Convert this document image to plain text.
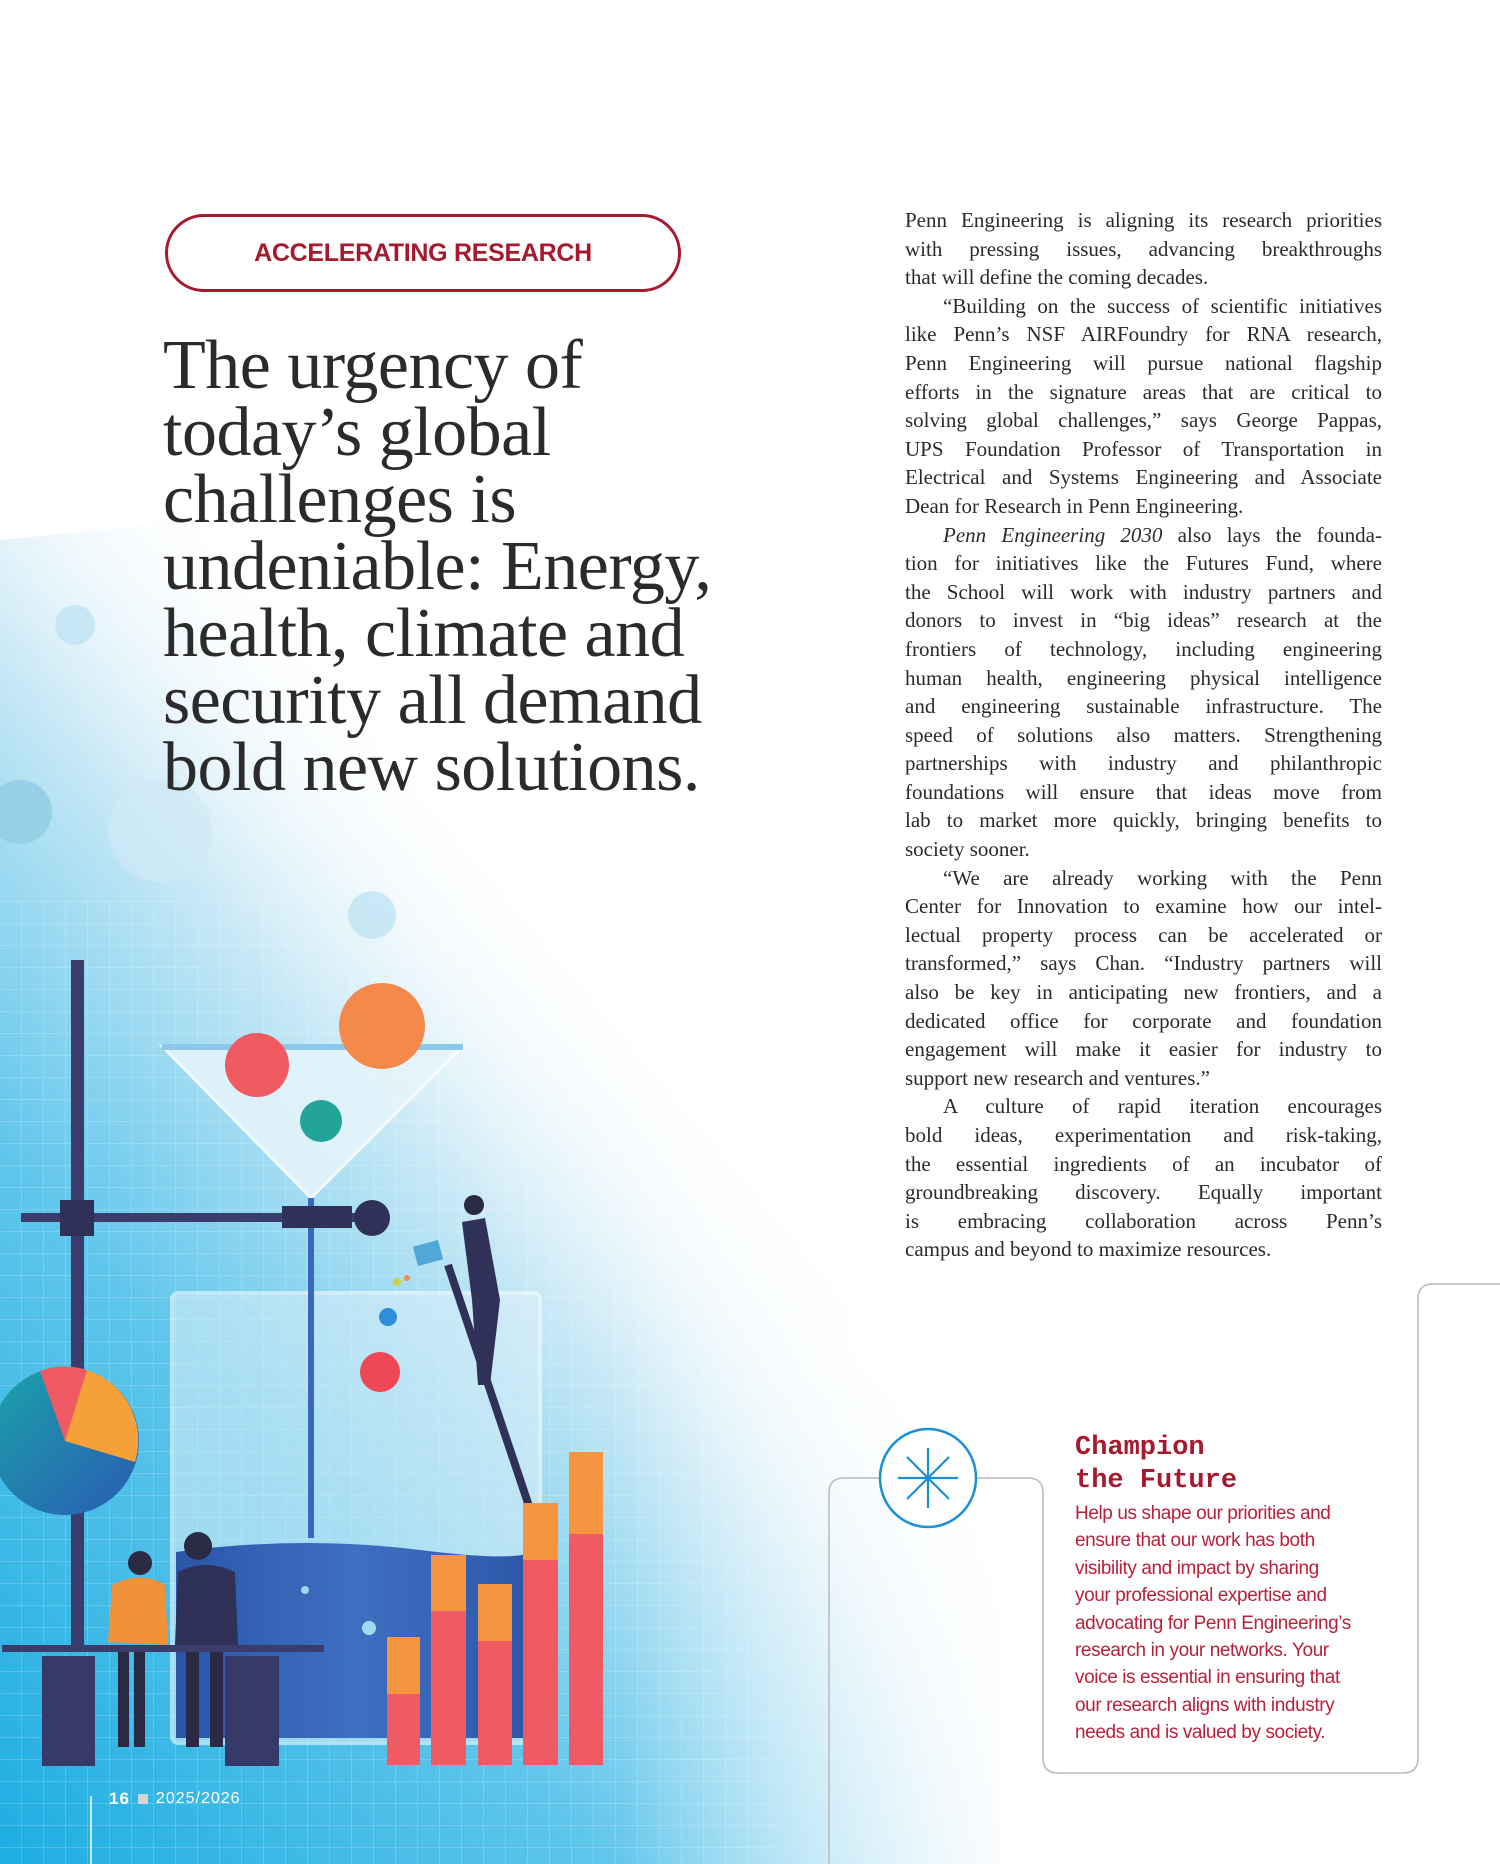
ACCELERATING RESEARCH
The urgency of
today’s global
challenges is
undeniable: Energy,
health, climate and
security all demand
bold new solutions.
Penn Engineering is aligning its research priorities
with pressing issues, advancing breakthroughs
that will define the coming decades.
“Building on the success of scientific initiatives
like Penn’s NSF AIRFoundry for RNA research,
Penn Engineering will pursue national flagship
efforts in the signature areas that are critical to
solving global challenges,” says George Pappas,
UPS Foundation Professor of Transportation in
Electrical and Systems Engineering and Associate
Dean for Research in Penn Engineering.
Penn Engineering 2030 also lays the founda-
tion for initiatives like the Futures Fund, where
the School will work with industry partners and
donors to invest in “big ideas” research at the
frontiers of technology, including engineering
human health, engineering physical intelligence
and engineering sustainable infrastructure. The
speed of solutions also matters. Strengthening
partnerships with industry and philanthropic
foundations will ensure that ideas move from
lab to market more quickly, bringing benefits to
society sooner.
“We are already working with the Penn
Center for Innovation to examine how our intel-
lectual property process can be accelerated or
transformed,” says Chan. “Industry partners will
also be key in anticipating new frontiers, and a
dedicated office for corporate and foundation
engagement will make it easier for industry to
support new research and ventures.”
A culture of rapid iteration encourages
bold ideas, experimentation and risk-taking,
the essential ingredients of an incubator of
groundbreaking discovery. Equally important
is embracing collaboration across Penn’s
campus and beyond to maximize resources.
Champion
the Future
Help us shape our priorities and
ensure that our work has both
visibility and impact by sharing
your professional expertise and
advocating for Penn Engineering’s
research in your networks. Your
voice is essential in ensuring that
our research aligns with industry
needs and is valued by society.
16 2025/2026
